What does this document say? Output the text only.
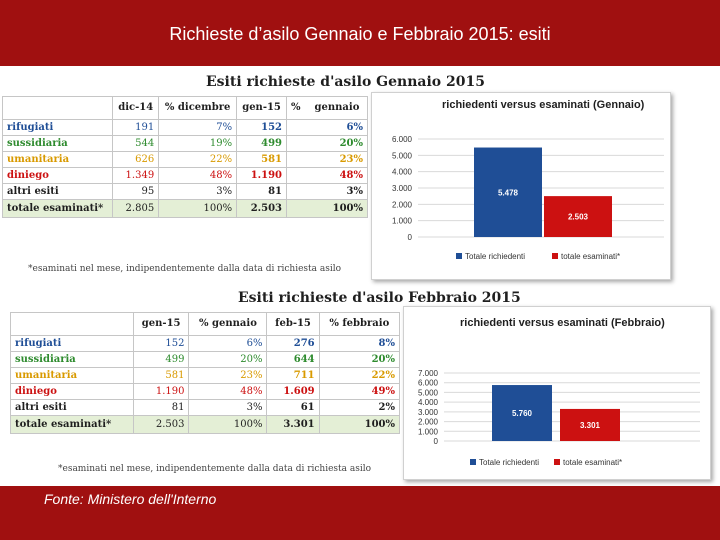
Richieste d’asilo Gennaio e Febbraio 2015: esiti
Esiti richieste d'asilo Gennaio 2015
	dic-14	% dicembre	gen-15	% gennaio
rifugiati	191	7%	152	6%
sussidiaria	544	19%	499	20%
umanitaria	626	22%	581	23%
diniego	1.349	48%	1.190	48%
altri esiti	95	3%	81	3%
totale esaminati*	2.805	100%	2.503	100%
*esaminati nel mese, indipendentemente dalla data di richiesta asilo
richiedenti versus esaminati (Gennaio)
0
1.000
2.000
3.000
4.000
5.000
6.000
5.478
2.503
Totale richiedenti	totale esaminati*
Esiti richieste d'asilo Febbraio 2015
	gen-15	% gennaio	feb-15	% febbraio
rifugiati	152	6%	276	8%
sussidiaria	499	20%	644	20%
umanitaria	581	23%	711	22%
diniego	1.190	48%	1.609	49%
altri esiti	81	3%	61	2%
totale esaminati*	2.503	100%	3.301	100%
*esaminati nel mese, indipendentemente dalla data di richiesta asilo
richiedenti versus esaminati (Febbraio)
0
1.000
2.000
3.000
4.000
5.000
6.000
7.000
5.760
3.301
Totale richiedenti	totale esaminati*
Fonte: Ministero dell'Interno
